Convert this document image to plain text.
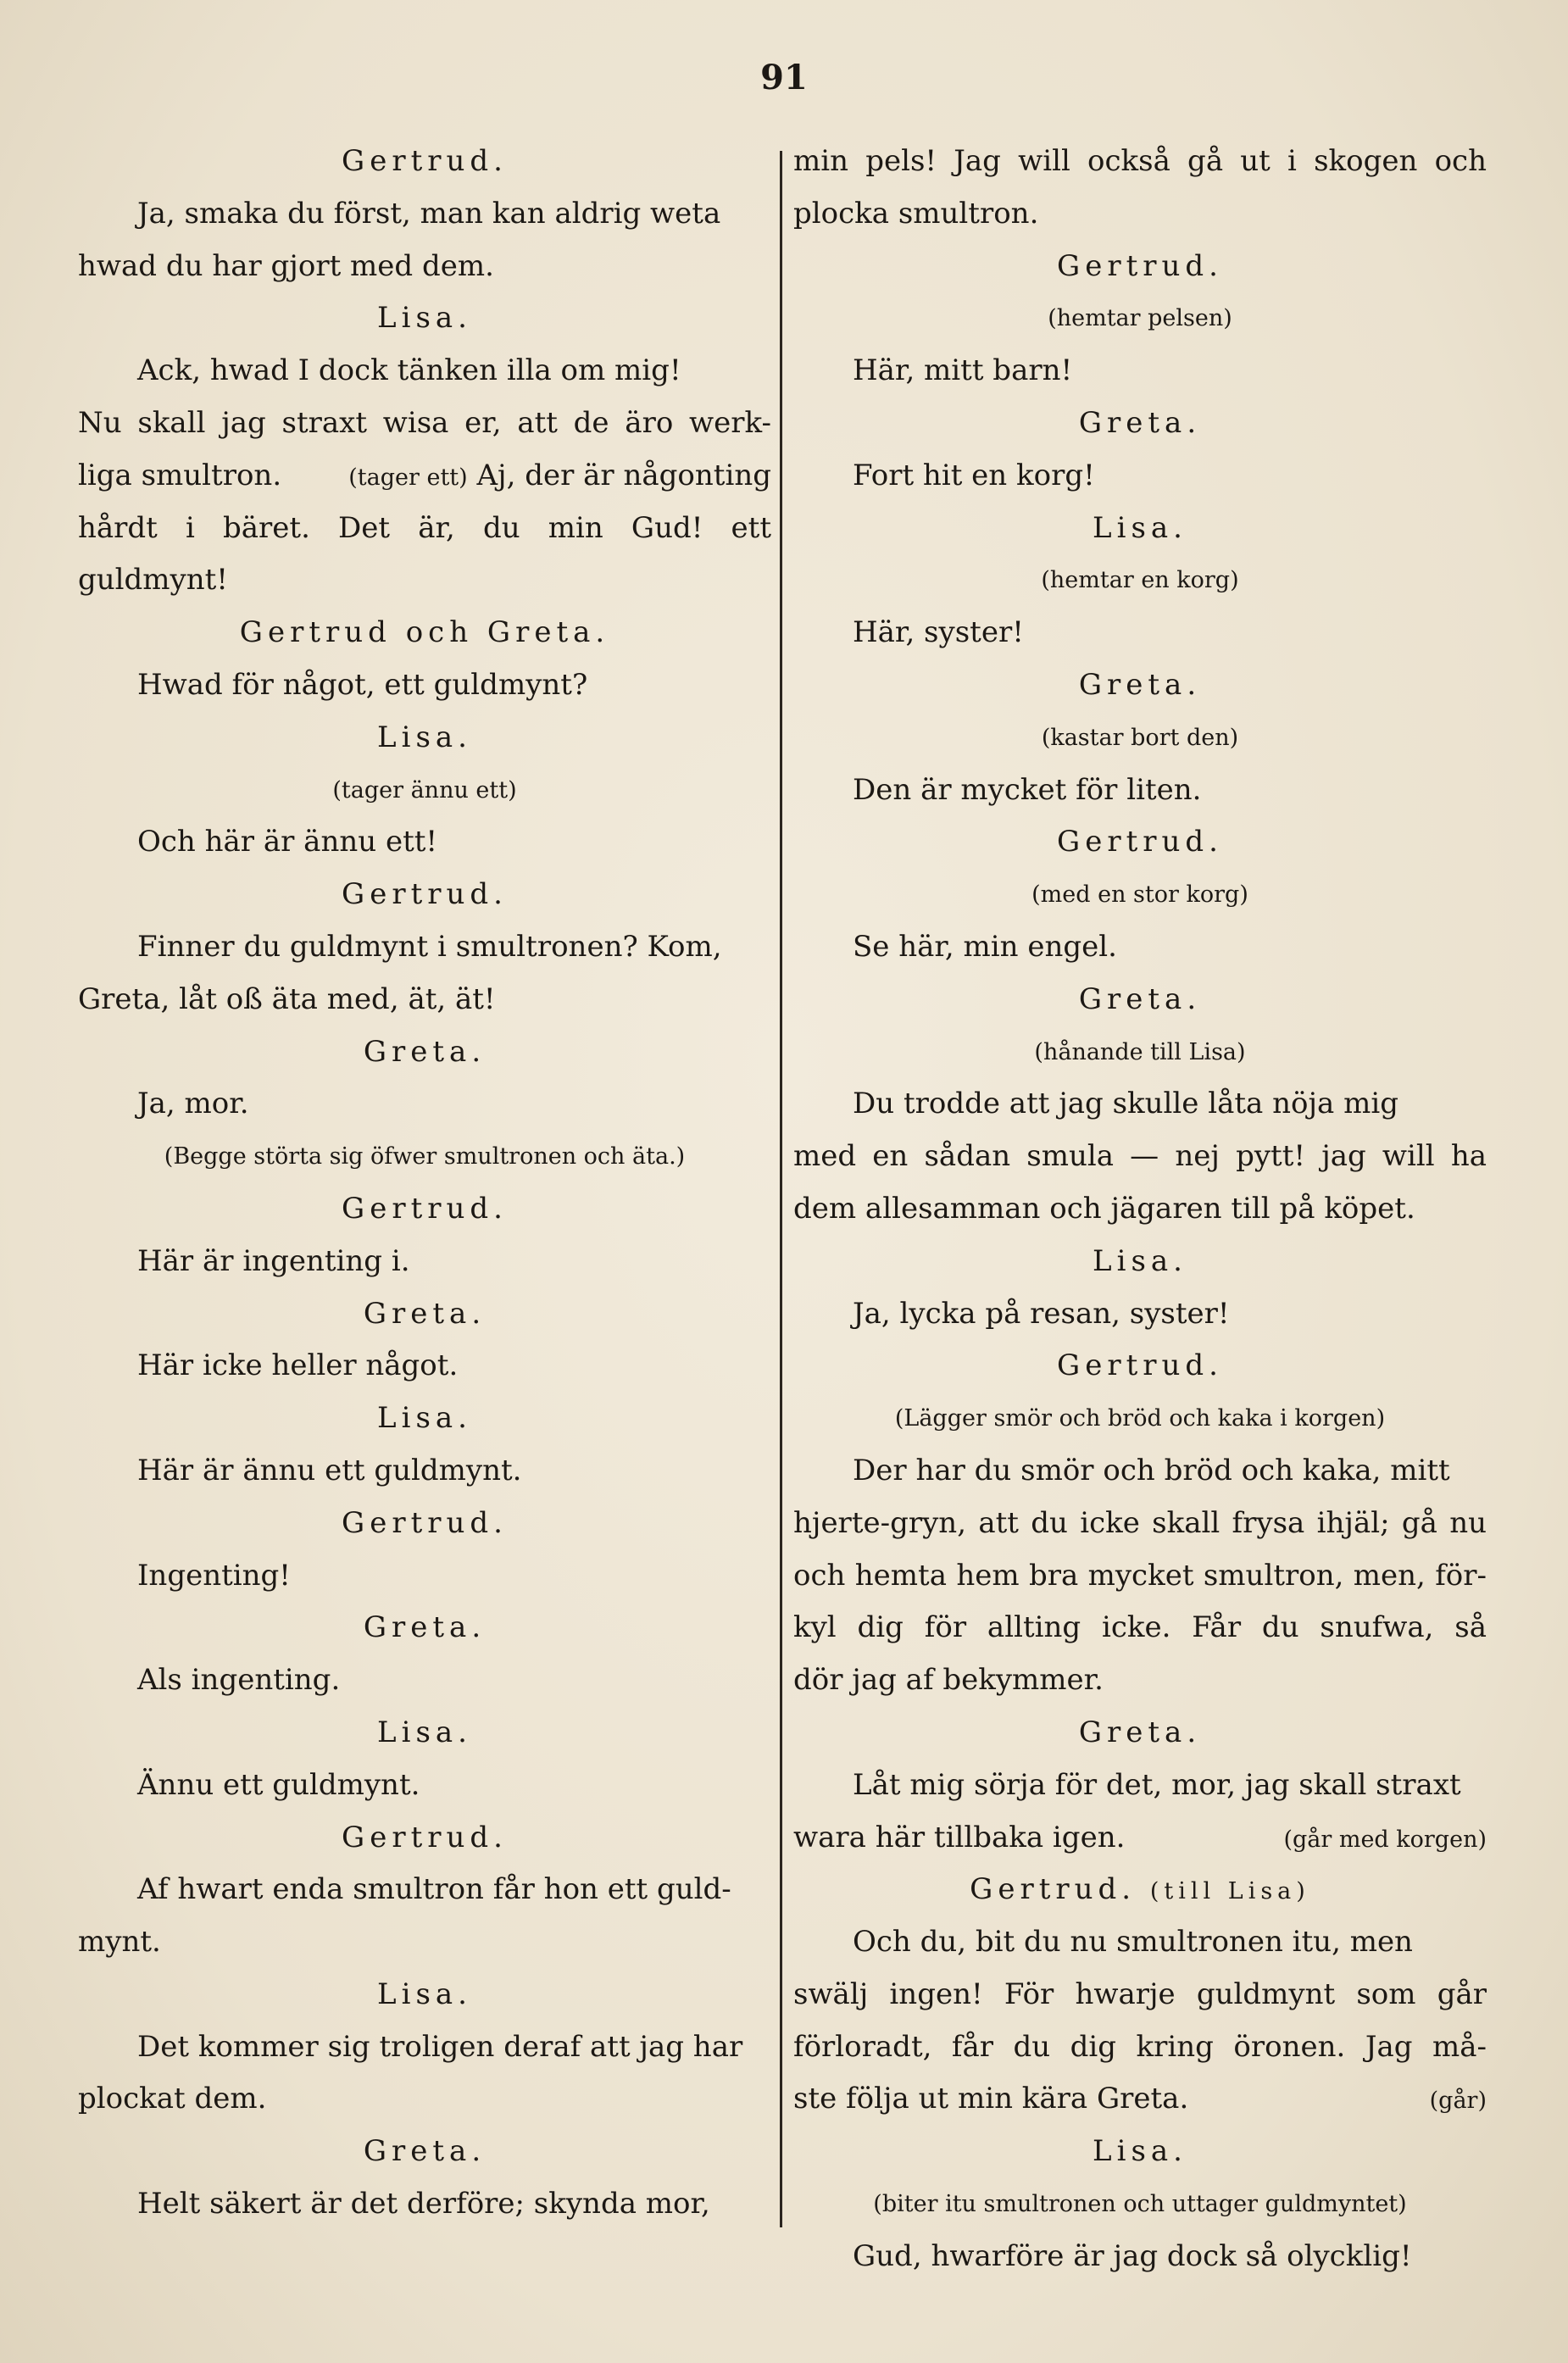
91
Gertrud.
Ja, smaka du först, man kan aldrig weta
hwad du har gjort med dem.
Lisa.
Ack, hwad I dock tänken illa om mig!
Nu skall jag straxt wisa er, att de äro werk-
liga smultron.	(tager ett) Aj, der är någonting
hårdt i bäret. Det är, du min Gud! ett
guldmynt!
Gertrud och Greta.
Hwad för något, ett guldmynt?
Lisa.
(tager ännu ett)
Och här är ännu ett!
Gertrud.
Finner du guldmynt i smultronen? Kom,
Greta, låt oß äta med, ät, ät!
Greta.
Ja, mor.
(Begge störta sig öfwer smultronen och äta.)
Gertrud.
Här är ingenting i.
Greta.
Här icke heller något.
Lisa.
Här är ännu ett guldmynt.
Gertrud.
Ingenting!
Greta.
Als ingenting.
Lisa.
Ännu ett guldmynt.
Gertrud.
Af hwart enda smultron får hon ett guld-
mynt.
Lisa.
Det kommer sig troligen deraf att jag har
plockat dem.
Greta.
Helt säkert är det derföre; skynda mor,
min pels! Jag will också gå ut i skogen och
plocka smultron.
Gertrud.
(hemtar pelsen)
Här, mitt barn!
Greta.
Fort hit en korg!
Lisa.
(hemtar en korg)
Här, syster!
Greta.
(kastar bort den)
Den är mycket för liten.
Gertrud.
(med en stor korg)
Se här, min engel.
Greta.
(hånande till Lisa)
Du trodde att jag skulle låta nöja mig
med en sådan smula — nej pytt! jag will ha
dem allesamman och jägaren till på köpet.
Lisa.
Ja, lycka på resan, syster!
Gertrud.
(Lägger smör och bröd och kaka i korgen)
Der har du smör och bröd och kaka, mitt
hjerte-gryn, att du icke skall frysa ihjäl; gå nu
och hemta hem bra mycket smultron, men, för-
kyl dig för allting icke. Får du snufwa, så
dör jag af bekymmer.
Greta.
Låt mig sörja för det, mor, jag skall straxt
wara här tillbaka igen.	(går med korgen)
Gertrud. (till Lisa)
Och du, bit du nu smultronen itu, men
swälj ingen! För hwarje guldmynt som går
förloradt, får du dig kring öronen. Jag må-
ste följa ut min kära Greta.	(går)
Lisa.
(biter itu smultronen och uttager guldmyntet)
Gud, hwarföre är jag dock så olycklig!
